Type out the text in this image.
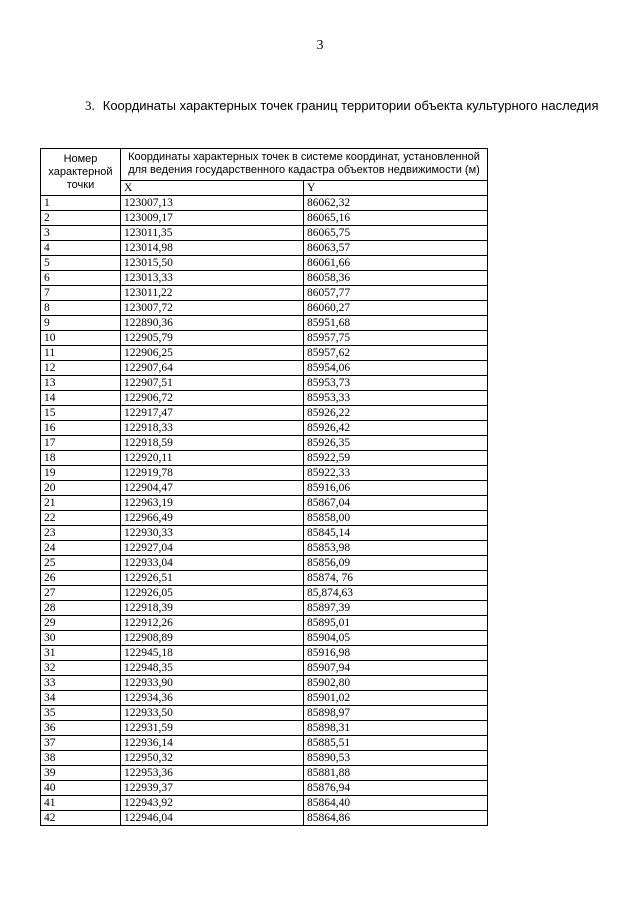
3
3. Координаты характерных точек границ территории объекта культурного наследия
Номер характерной точки	Координаты характерных точек в системе координат, установленной для ведения государственного кадастра объектов недвижимости (м)	
	X	Y
1	123007,13	86062,32
2	123009,17	86065,16
3	123011,35	86065,75
4	123014,98	86063,57
5	123015,50	86061,66
6	123013,33	86058,36
7	123011,22	86057,77
8	123007,72	86060,27
9	122890,36	85951,68
10	122905,79	85957,75
11	122906,25	85957,62
12	122907,64	85954,06
13	122907,51	85953,73
14	122906,72	85953,33
15	122917,47	85926,22
16	122918,33	85926,42
17	122918,59	85926,35
18	122920,11	85922,59
19	122919,78	85922,33
20	122904,47	85916,06
21	122963,19	85867,04
22	122966,49	85858,00
23	122930,33	85845,14
24	122927,04	85853,98
25	122933,04	85856,09
26	122926,51	85874, 76
27	122926,05	85,874,63
28	122918,39	85897,39
29	122912,26	85895,01
30	122908,89	85904,05
31	122945,18	85916,98
32	122948,35	85907,94
33	122933,90	85902,80
34	122934,36	85901,02
35	122933,50	85898,97
36	122931,59	85898,31
37	122936,14	85885,51
38	122950,32	85890,53
39	122953,36	85881,88
40	122939,37	85876,94
41	122943,92	85864,40
42	122946,04	85864,86
